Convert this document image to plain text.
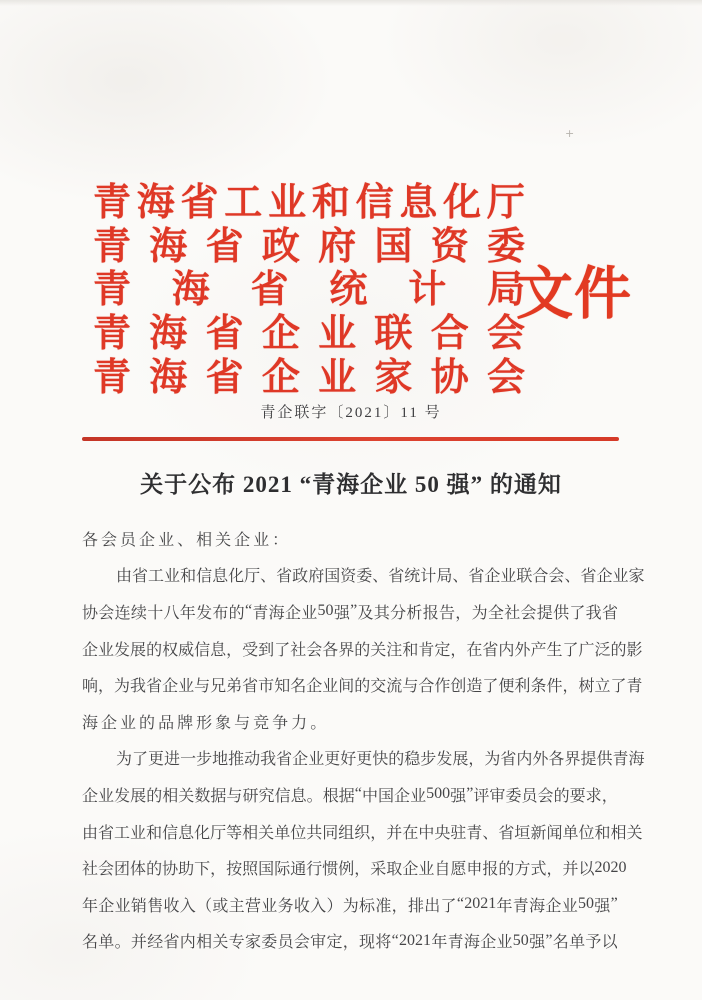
+
青 海 省 工 业 和 信 息 化 厅
青 海 省 政 府 国 资 委
青 海 省 统 计 局
青 海 省 企 业 联 合 会
青 海 省 企 业 家 协 会
文件
青企联字〔2021〕11 号
关于公布 2021 “青海企业 50 强” 的通知
各 会 员 企 业 、 相 关 企 业 ：
由 省 工 业 和 信 息 化 厅 、 省 政 府 国 资 委 、 省 统 计 局 、 省 企 业 联 合 会 、 省 企 业 家
协 会 连 续 十 八 年 发 布 的 “ 青 海 企 业 50 强 ” 及 其 分 析 报 告 ， 为 全 社 会 提 供 了 我 省
企 业 发 展 的 权 威 信 息 ， 受 到 了 社 会 各 界 的 关 注 和 肯 定 ， 在 省 内 外 产 生 了 广 泛 的 影
响 ， 为 我 省 企 业 与 兄 弟 省 市 知 名 企 业 间 的 交 流 与 合 作 创 造 了 便 利 条 件 ， 树 立 了 青
海 企 业 的 品 牌 形 象 与 竞 争 力 。
为 了 更 进 一 步 地 推 动 我 省 企 业 更 好 更 快 的 稳 步 发 展 ， 为 省 内 外 各 界 提 供 青 海
企 业 发 展 的 相 关 数 据 与 研 究 信 息 。 根 据 “ 中 国 企 业 500 强 ” 评 审 委 员 会 的 要 求 ，
由 省 工 业 和 信 息 化 厅 等 相 关 单 位 共 同 组 织 ， 并 在 中 央 驻 青 、 省 垣 新 闻 单 位 和 相 关
社 会 团 体 的 协 助 下 ， 按 照 国 际 通 行 惯 例 ， 采 取 企 业 自 愿 申 报 的 方 式 ， 并 以 2020
年 企 业 销 售 收 入 （ 或 主 营 业 务 收 入 ） 为 标 准 ， 排 出 了 “ 2021 年 青 海 企 业 50 强 ”
名 单 。 并 经 省 内 相 关 专 家 委 员 会 审 定 ， 现 将 “ 2021 年 青 海 企 业 50 强 ” 名 单 予 以
